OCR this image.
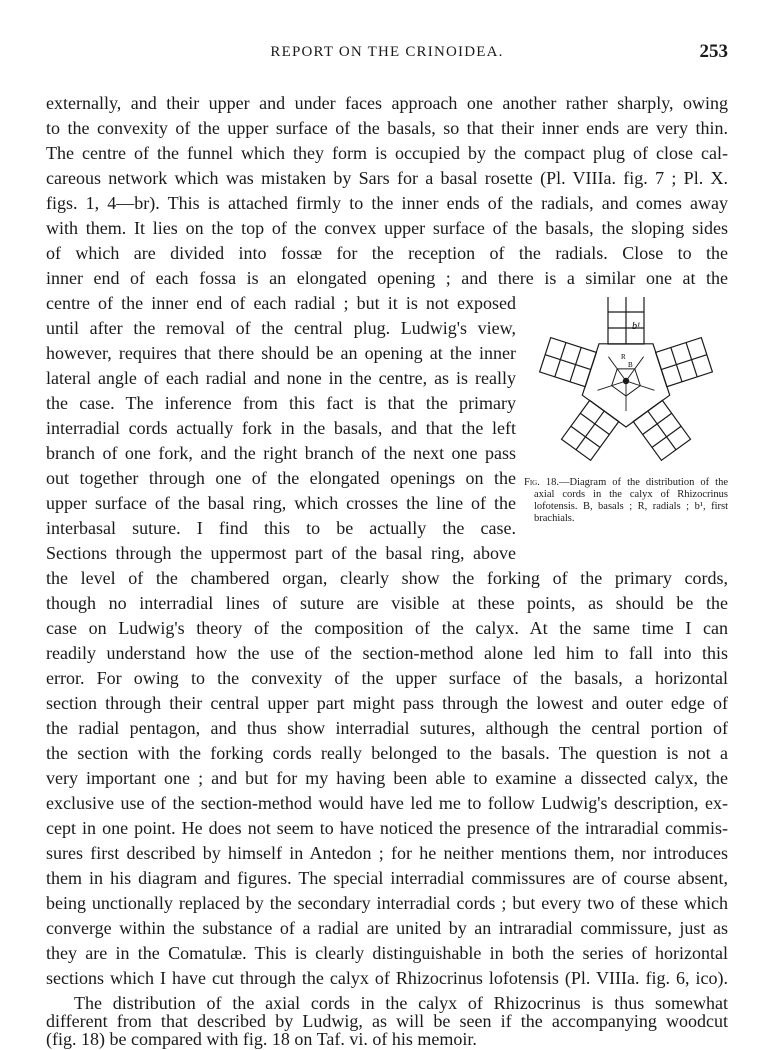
REPORT ON THE CRINOIDEA.	253
externally, and their upper and under faces approach one another rather sharply, owing
to the convexity of the upper surface of the basals, so that their inner ends are very thin.
The centre of the funnel which they form is occupied by the compact plug of close cal-
careous network which was mistaken by Sars for a basal rosette (Pl. VIIIa. fig. 7 ; Pl. X.
figs. 1, 4—br). This is attached firmly to the inner ends of the radials, and comes away
with them. It lies on the top of the convex upper surface of the basals, the sloping sides
of which are divided into fossæ for the reception of the radials. Close to the
inner end of each fossa is an elongated opening ; and there is a similar one at the
centre of the inner end of each radial ; but it is not exposed
until after the removal of the central plug. Ludwig's view,
however, requires that there should be an opening at the inner
lateral angle of each radial and none in the centre, as is really
the case. The inference from this fact is that the primary
interradial cords actually fork in the basals, and that the left
branch of one fork, and the right branch of the next one pass
out together through one of the elongated openings on the
upper surface of the basal ring, which crosses the line of the
interbasal suture. I find this to be actually the case.
Sections through the uppermost part of the basal ring, above
the level of the chambered organ, clearly show the forking of the primary cords,
though no interradial lines of suture are visible at these points, as should be the
case on Ludwig's theory of the composition of the calyx. At the same time I can
readily understand how the use of the section-method alone led him to fall into this
error. For owing to the convexity of the upper surface of the basals, a horizontal
section through their central upper part might pass through the lowest and outer edge of
the radial pentagon, and thus show interradial sutures, although the central portion of
the section with the forking cords really belonged to the basals. The question is not a
very important one ; and but for my having been able to examine a dissected calyx, the
exclusive use of the section-method would have led me to follow Ludwig's description, ex-
cept in one point. He does not seem to have noticed the presence of the intraradial commis-
sures first described by himself in Antedon ; for he neither mentions them, nor introduces
them in his diagram and figures. The special interradial commissures are of course absent,
being unctionally replaced by the secondary interradial cords ; but every two of these which
converge within the substance of a radial are united by an intraradial commissure, just as
they are in the Comatulæ. This is clearly distinguishable in both the series of horizontal
sections which I have cut through the calyx of Rhizocrinus lofotensis (Pl. VIIIa. fig. 6, ico).
The distribution of the axial cords in the calyx of Rhizocrinus is thus somewhat
different from that described by Ludwig, as will be seen if the accompanying woodcut
(fig. 18) be compared with fig. 18 on Taf. vi. of his memoir.
b¹
R
B
Fig. 18.—Diagram of the distribution of the axial cords in the calyx of Rhizocrinus lofotensis. B, basals ; R, radials ; b¹, first brachials.
